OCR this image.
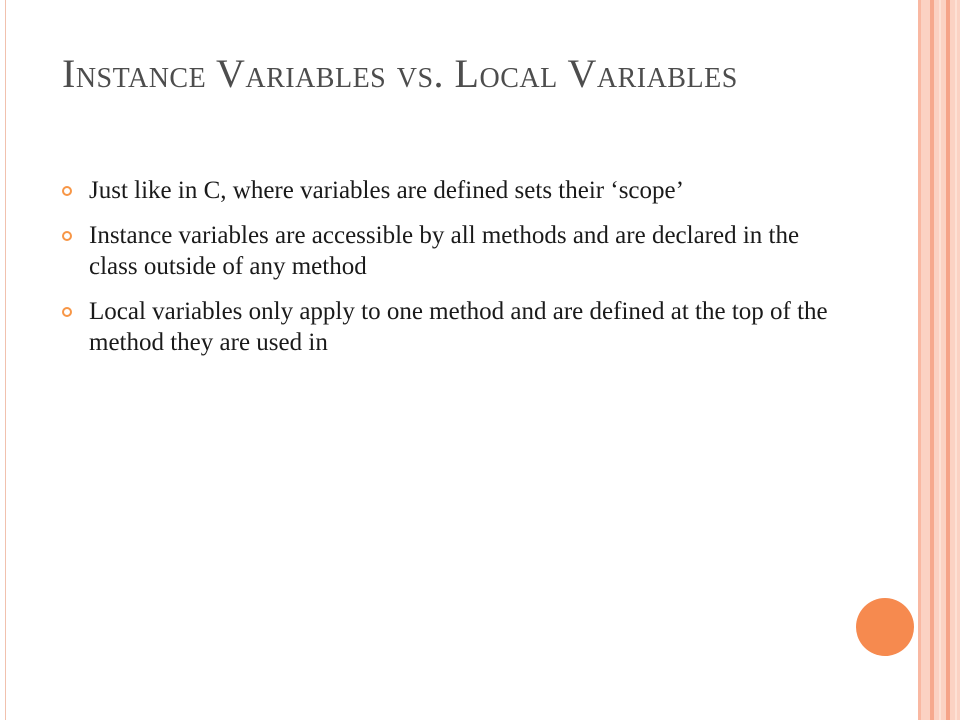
Instance Variables vs. Local Variables
Just like in C, where variables are defined sets their ‘scope’
Instance variables are accessible by all methods and are declared in the class outside of any method
Local variables only apply to one method and are defined at the top of the method they are used in
